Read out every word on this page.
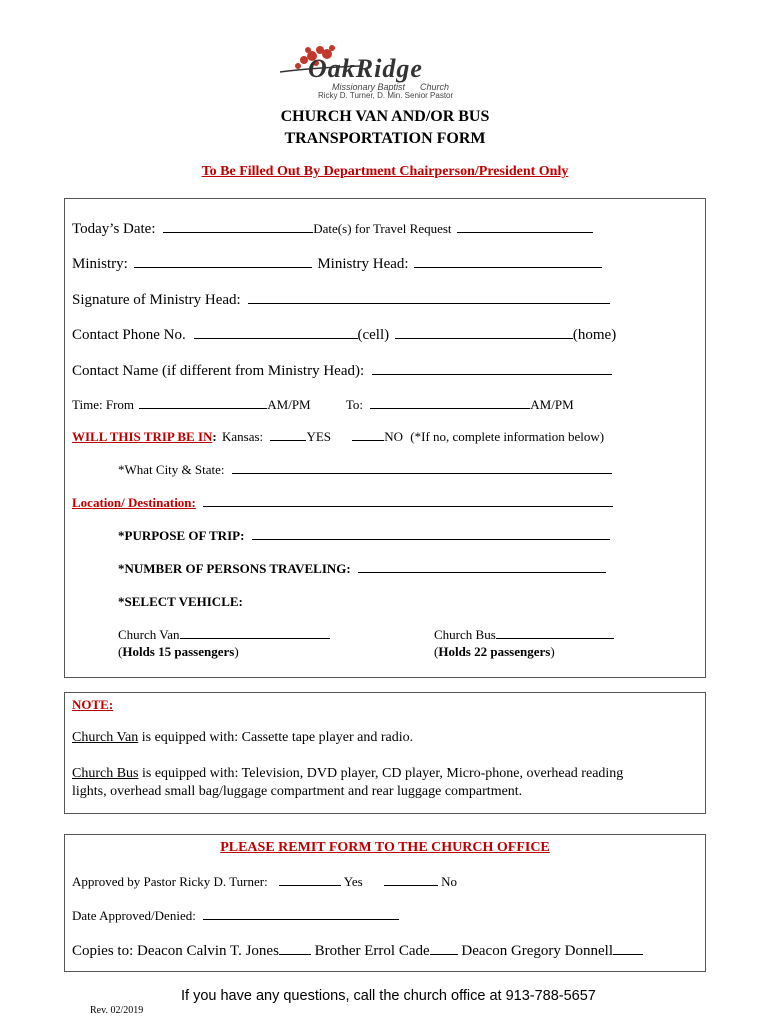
OakRidge
Missionary Baptist      Church
Ricky D. Turner, D. Min. Senior Pastor
CHURCH VAN AND/OR BUS
TRANSPORTATION FORM
To Be Filled Out By Department Chairperson/President Only
Today’s Date:	Date(s) for Travel Request
Ministry:	Ministry Head:
Signature of Ministry Head:
Contact Phone No.	(cell)	(home)
Contact Name (if different from Ministry Head):
Time: From	AM/PM	To:	AM/PM
WILL THIS TRIP BE IN: Kansas:	YES	NO (*If no, complete information below)
*What City & State:
Location/ Destination:
*PURPOSE OF TRIP:
*NUMBER OF PERSONS TRAVELING:
*SELECT VEHICLE:
Church Van
(Holds 15 passengers)
Church Bus
(Holds 22 passengers)
NOTE:
Church Van is equipped with: Cassette tape player and radio.
Church Bus is equipped with: Television, DVD player, CD player, Micro-phone, overhead reading
lights, overhead small bag/luggage compartment and rear luggage compartment.
PLEASE REMIT FORM TO THE CHURCH OFFICE
Approved by Pastor Ricky D. Turner:	Yes	No
Date Approved/Denied:
Copies to: Deacon Calvin T. Jones Brother Errol Cade Deacon Gregory Donnell
Rev. 02/2019
If you have any questions, call the church office at 913-788-5657
